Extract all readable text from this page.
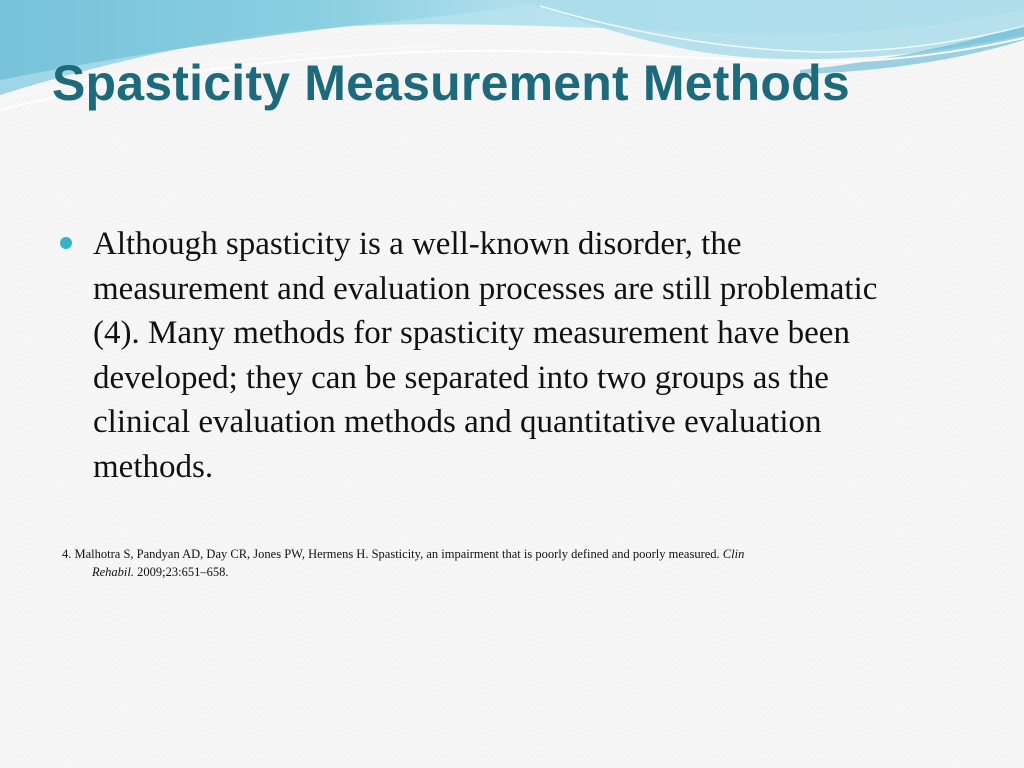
Spasticity Measurement Methods

Although spasticity is a well-known disorder, the measurement and evaluation processes are still problematic (4). Many methods for spasticity measurement have been developed; they can be separated into two groups as the clinical evaluation methods and quantitative evaluation methods.

4. Malhotra S, Pandyan AD, Day CR, Jones PW, Hermens H. Spasticity, an impairment that is poorly defined and poorly measured. Clin
Rehabil. 2009;23:651–658.
